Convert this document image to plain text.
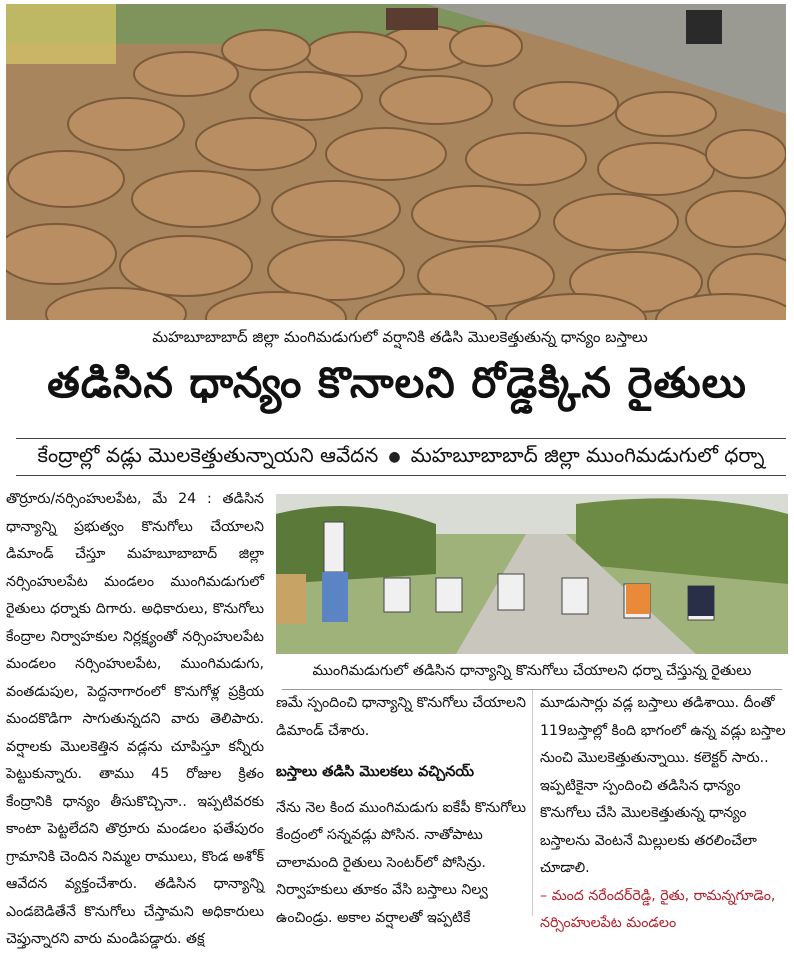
మహబూబాబాద్ జిల్లా మంగిమడుగులో వర్షానికి తడిసి మొలకెత్తుతున్న ధాన్యం బస్తాలు
తడిసిన ధాన్యం కొనాలని రోడ్డెక్కిన రైతులు
కేంద్రాల్లో వడ్లు మొలకెత్తుతున్నాయని ఆవేదన ● మహబూబాబాద్ జిల్లా ముంగిమడుగులో ధర్నా

తొర్రూరు/నర్సింహులపేట, మే 24 : తడిసిన ధాన్యాన్ని ప్రభుత్వం కొనుగోలు చేయాలని డిమాండ్ చేస్తూ మహబూబాబాద్ జిల్లా నర్సింహులపేట మండలం ముంగిమడుగులో రైతులు ధర్నాకు దిగారు. అధికారులు, కొనుగోలు కేంద్రాల నిర్వాహకుల నిర్లక్ష్యంతో నర్సింహులపేట మండలం నర్సింహులపేట, ముంగిమడుగు, వంతడుపుల, పెద్దనాగారంలో కొనుగోళ్ల ప్రక్రియ మందకొడిగా సాగుతున్నదని వారు తెలిపారు. వర్షాలకు మొలకెత్తిన వడ్లను చూపిస్తూ కన్నీరు పెట్టుకున్నారు. తాము 45 రోజుల క్రితం కేంద్రానికి ధాన్యం తీసుకొచ్చినా.. ఇప్పటివరకు కాంటా పెట్టలేదని తొర్రూరు మండలం ఫతేపురం గ్రామానికి చెందిన నిమ్మల రాములు, కొండ అశోక్ ఆవేదన వ్యక్తంచేశారు. తడిసిన ధాన్యాన్ని ఎండబెడితేనే కొనుగోలు చేస్తామని అధికారులు చెప్తున్నారని వారు మండిపడ్డారు. తక్ష

ముంగిమడుగులో తడిసిన ధాన్యాన్ని కొనుగోలు చేయాలని ధర్నా చేస్తున్న రైతులు

ణమే స్పందించి ధాన్యాన్ని కొనుగోలు చేయాలని డిమాండ్ చేశారు.

బస్తాలు తడిసి మొలకలు వచ్చినయ్

నేను నెల కింద ముంగిమడుగు ఐకేపీ కొనుగోలు కేంద్రంలో సన్నవడ్లు పోసిన. నాతోపాటు చాలామంది రైతులు సెంటర్‌లో పోసిన్రు. నిర్వాహకులు తూకం వేసి బస్తాలు నిల్వ ఉంచిండ్రు. అకాల వర్షాలతో ఇప్పటికే

మూడుసార్లు వడ్ల బస్తాలు తడిశాయి. దీంతో 119బస్తాల్లో కింది భాగంలో ఉన్న వడ్లు బస్తాల నుంచి మొలకెత్తుతున్నాయి. కలెక్టర్ సారు.. ఇప్పటికైనా స్పందించి తడిసిన ధాన్యం కొనుగోలు చేసి మొలకెత్తుతున్న ధాన్యం బస్తాలను వెంటనే మిల్లులకు తరలించేలా చూడాలి.

– మంద నరేందర్‌రెడ్డి, రైతు, రామన్నగూడెం, నర్సింహులపేట మండలం
